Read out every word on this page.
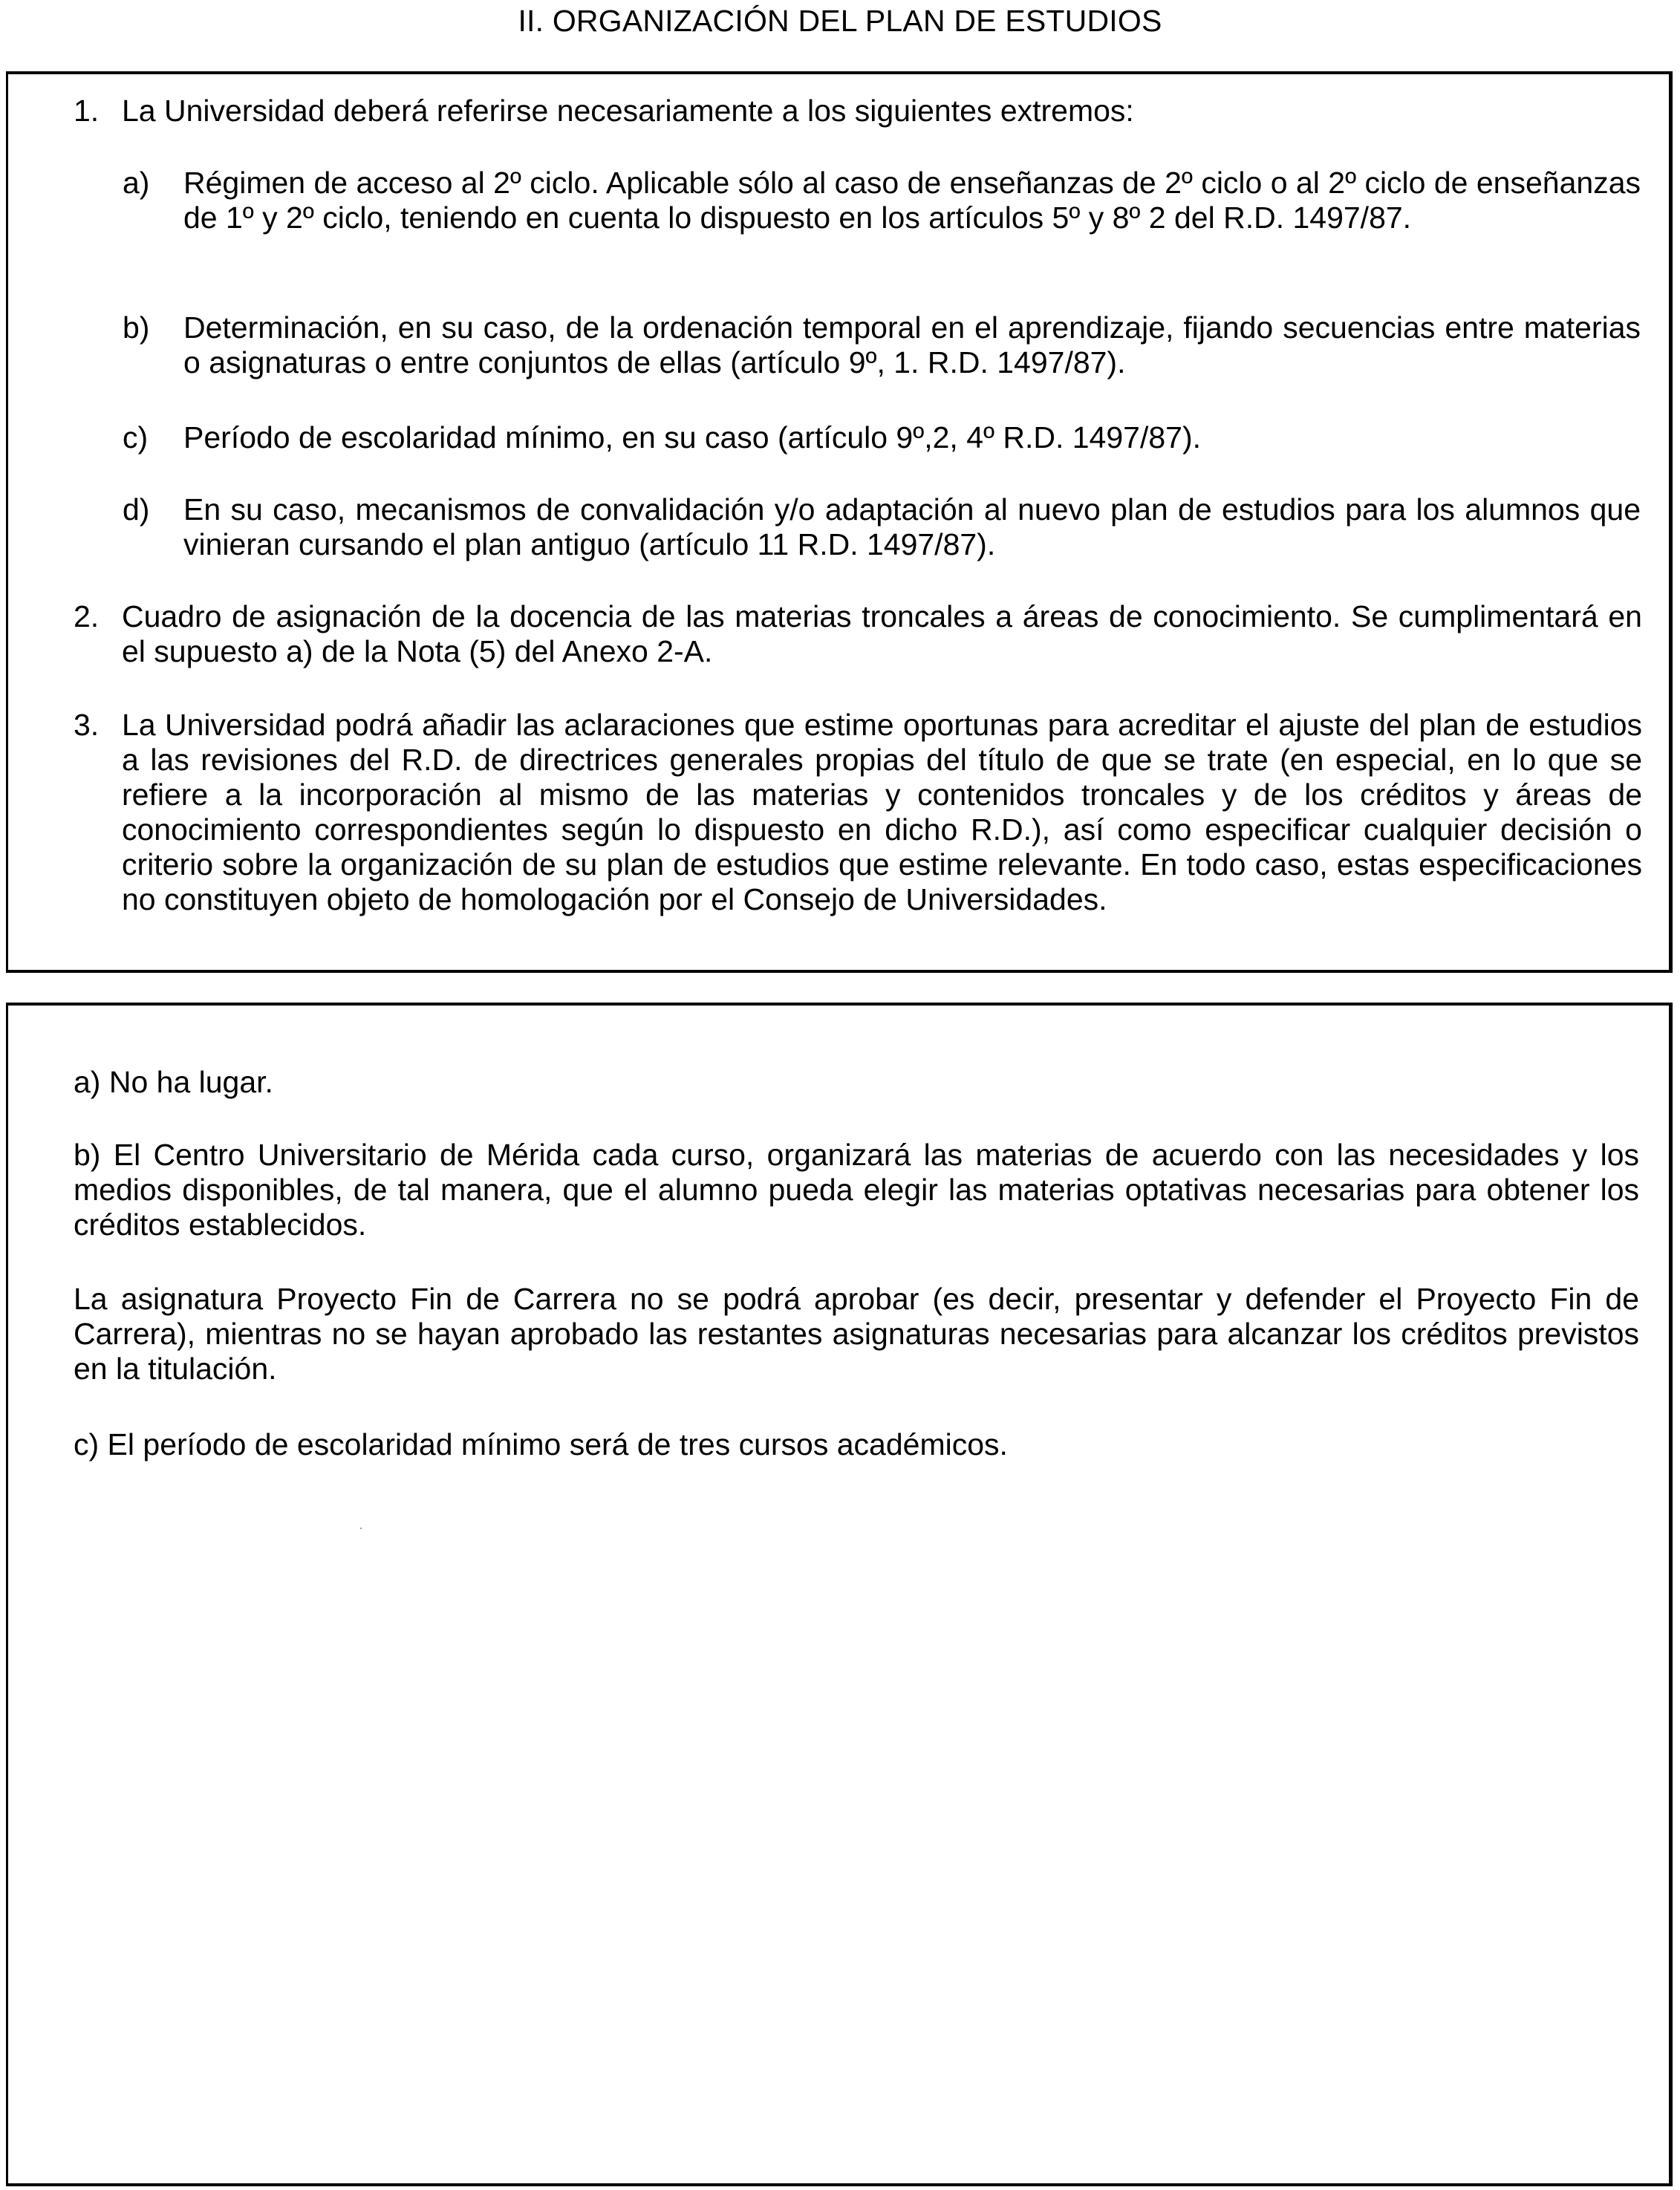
II. ORGANIZACIÓN DEL PLAN DE ESTUDIOS
1. La Universidad deberá referirse necesariamente a los siguientes extremos:
a) Régimen de acceso al 2º ciclo. Aplicable sólo al caso de enseñanzas de 2º ciclo o al 2º ciclo de enseñanzas de 1º y 2º ciclo, teniendo en cuenta lo dispuesto en los artículos 5º y 8º 2 del R.D. 1497/87.
b) Determinación, en su caso, de la ordenación temporal en el aprendizaje, fijando secuencias entre materias o asignaturas o entre conjuntos de ellas (artículo 9º, 1. R.D. 1497/87).
c) Período de escolaridad mínimo, en su caso (artículo 9º,2, 4º R.D. 1497/87).
d) En su caso, mecanismos de convalidación y/o adaptación al nuevo plan de estudios para los alumnos que vinieran cursando el plan antiguo (artículo 11 R.D. 1497/87).
2. Cuadro de asignación de la docencia de las materias troncales a áreas de conocimiento. Se cumplimentará en el supuesto a) de la Nota (5) del Anexo 2-A.
3. La Universidad podrá añadir las aclaraciones que estime oportunas para acreditar el ajuste del plan de estudios a las revisiones del R.D. de directrices generales propias del título de que se trate (en especial, en lo que se refiere a la incorporación al mismo de las materias y contenidos troncales y de los créditos y áreas de conocimiento correspondientes según lo dispuesto en dicho R.D.), así como especificar cualquier decisión o criterio sobre la organización de su plan de estudios que estime relevante. En todo caso, estas especificaciones no constituyen objeto de homologación por el Consejo de Universidades.
a) No ha lugar.
b) El Centro Universitario de Mérida cada curso, organizará las materias de acuerdo con las necesidades y los medios disponibles, de tal manera, que el alumno pueda elegir las materias optativas necesarias para obtener los créditos establecidos.
La asignatura Proyecto Fin de Carrera no se podrá aprobar (es decir, presentar y defender el Proyecto Fin de Carrera), mientras no se hayan aprobado las restantes asignaturas necesarias para alcanzar los créditos previstos en la titulación.
c) El período de escolaridad mínimo será de tres cursos académicos.
